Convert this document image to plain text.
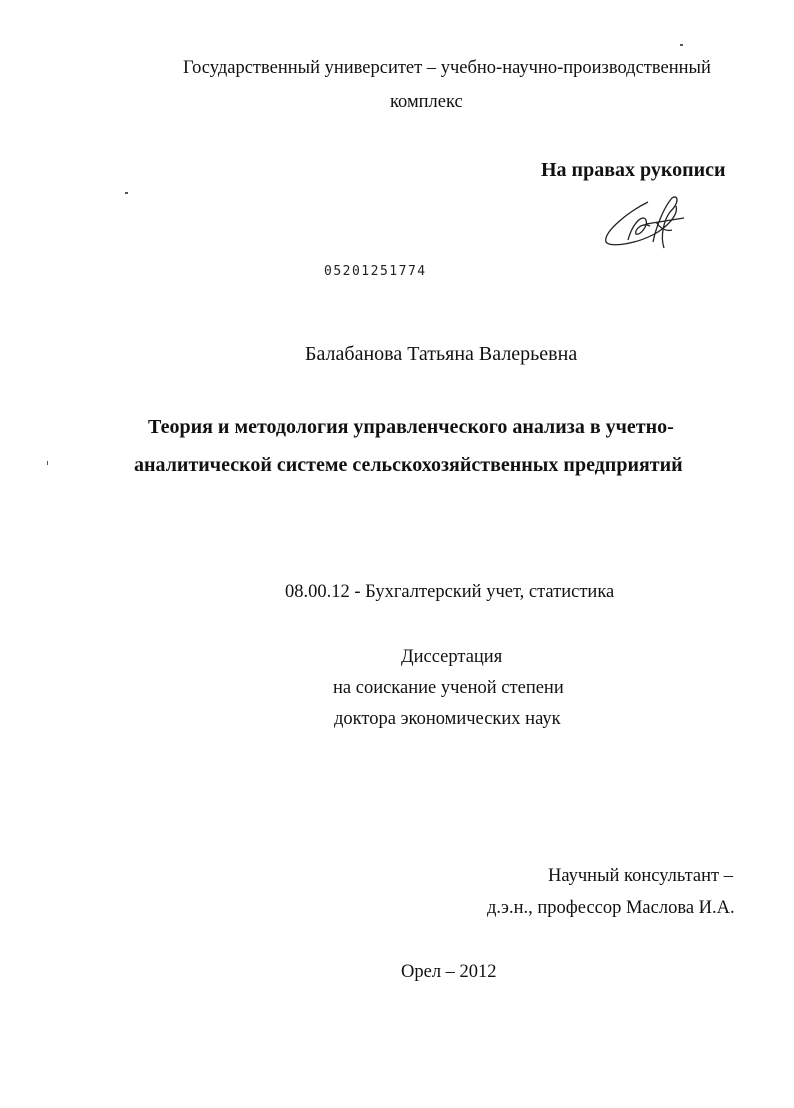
Государственный университет – учебно-научно-производственный
комплекс
На правах рукописи
05201251774
Балабанова Татьяна Валерьевна
Теория и методология управленческого анализа в учетно-
аналитической системе сельскохозяйственных предприятий
08.00.12 - Бухгалтерский учет, статистика
Диссертация
на соискание ученой степени
доктора экономических наук
Научный консультант –
д.э.н., профессор Маслова И.А.
Орел – 2012
